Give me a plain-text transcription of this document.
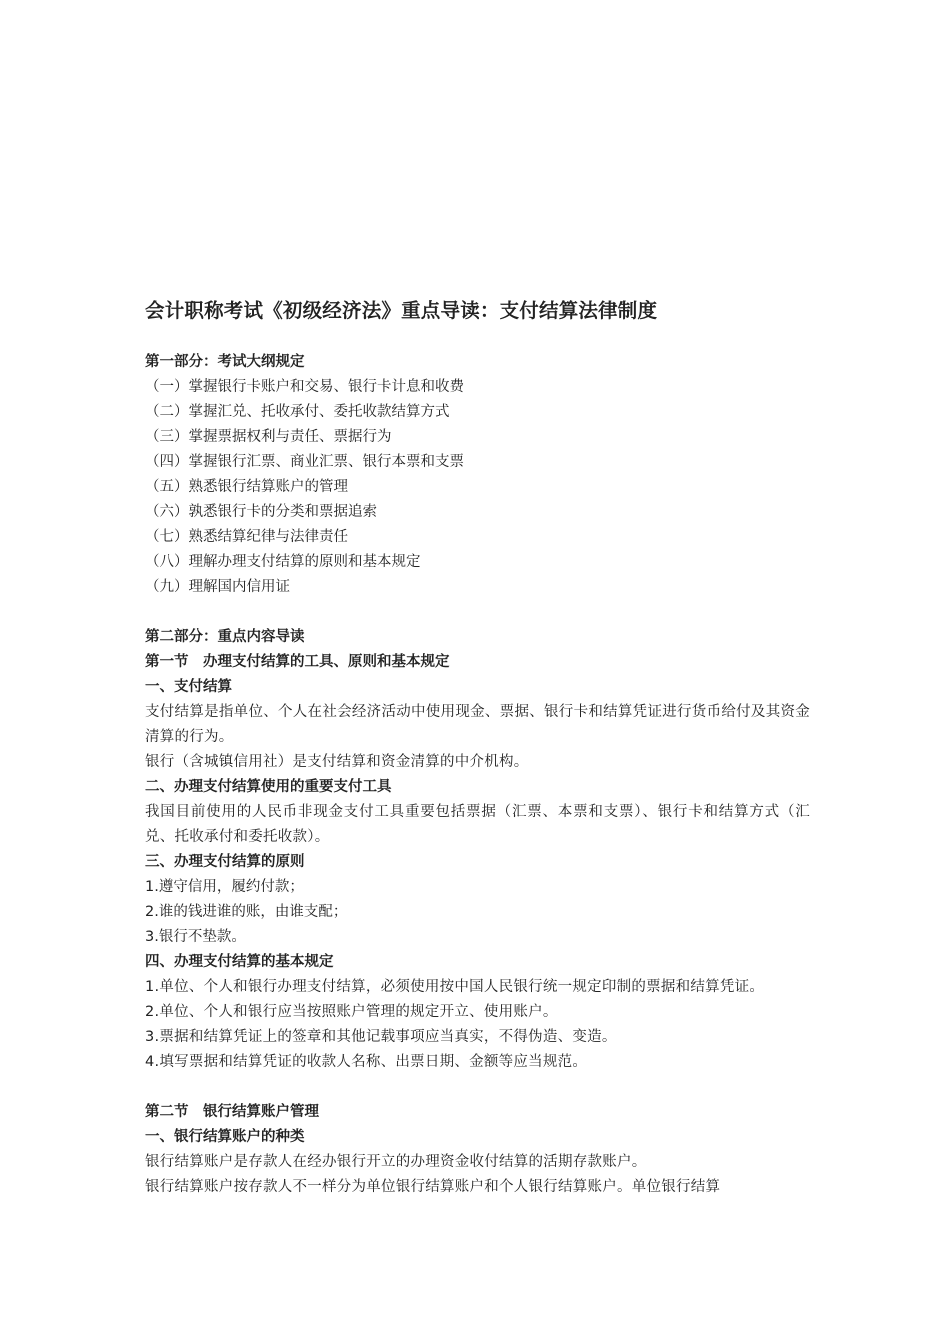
会计职称考试《初级经济法》重点导读：支付结算法律制度
第一部分：考试大纲规定
（一）掌握银行卡账户和交易、银行卡计息和收费
（二）掌握汇兑、托收承付、委托收款结算方式
（三）掌握票据权利与责任、票据行为
（四）掌握银行汇票、商业汇票、银行本票和支票
（五）熟悉银行结算账户的管理
（六）孰悉银行卡的分类和票据追索
（七）熟悉结算纪律与法律责任
（八）理解办理支付结算的原则和基本规定
（九）理解国内信用证
第二部分：重点内容导读
第一节　办理支付结算的工具、原则和基本规定
一、支付结算
支付结算是指单位、个人在社会经济活动中使用现金、票据、银行卡和结算凭证进行货币给付及其资金清算的行为。
银行（含城镇信用社）是支付结算和资金清算的中介机构。
二、办理支付结算使用的重要支付工具
我国目前使用的人民币非现金支付工具重要包括票据（汇票、本票和支票）、银行卡和结算方式（汇兑、托收承付和委托收款）。
三、办理支付结算的原则
1.遵守信用，履约付款；
2.谁的钱进谁的账，由谁支配；
3.银行不垫款。
四、办理支付结算的基本规定
1.单位、个人和银行办理支付结算，必须使用按中国人民银行统一规定印制的票据和结算凭证。
2.单位、个人和银行应当按照账户管理的规定开立、使用账户。
3.票据和结算凭证上的签章和其他记载事项应当真实，不得伪造、变造。
4.填写票据和结算凭证的收款人名称、出票日期、金额等应当规范。
第二节　银行结算账户管理
一、银行结算账户的种类
银行结算账户是存款人在经办银行开立的办理资金收付结算的活期存款账户。
银行结算账户按存款人不一样分为单位银行结算账户和个人银行结算账户。单位银行结算
